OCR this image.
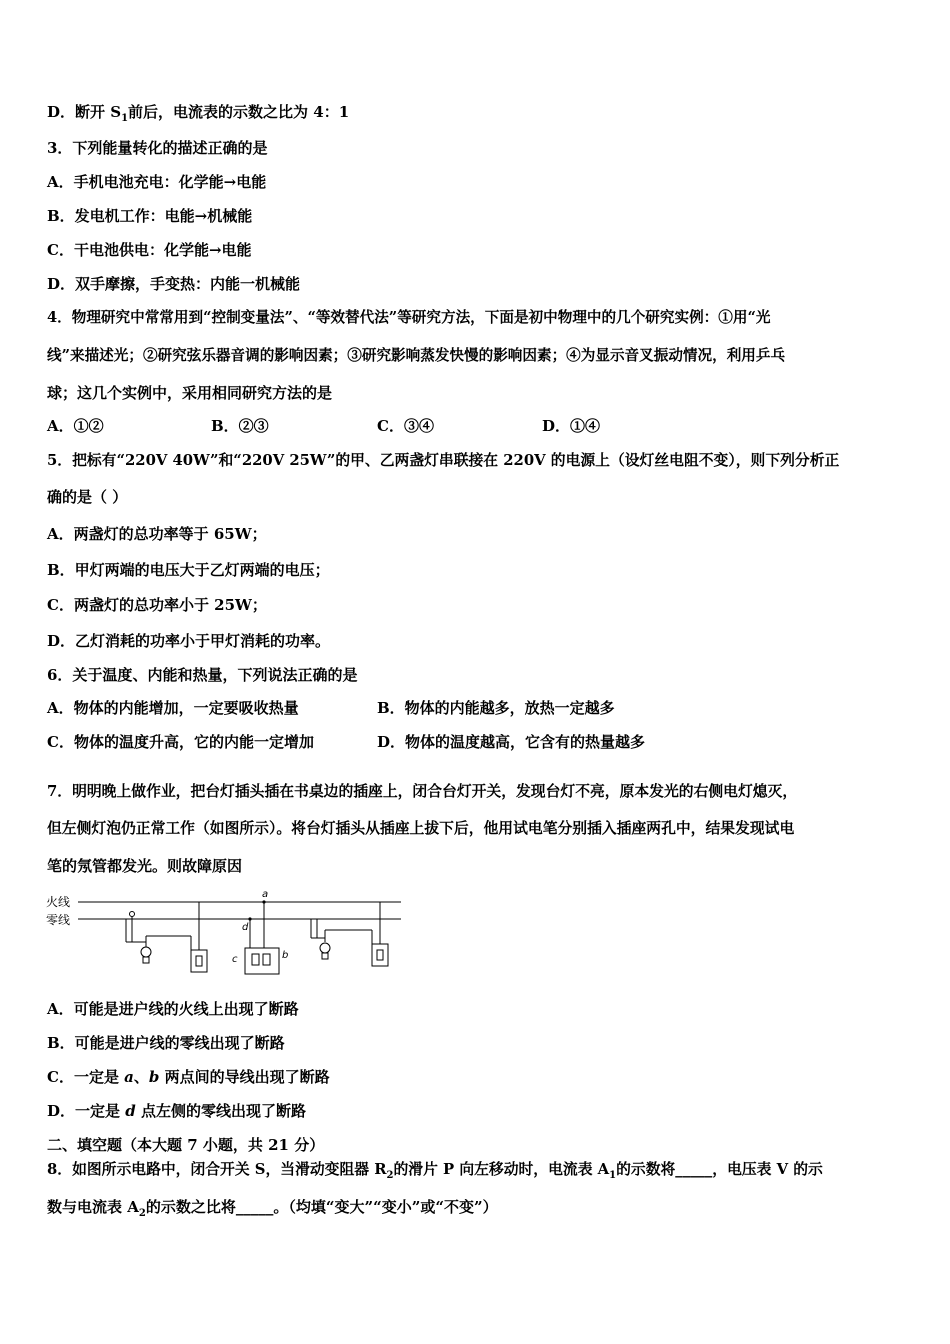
D．断开 $S_1$前后，电流表的示数之比为 4：1
3．下列能量转化的描述正确的是
A．手机电池充电：化学能→电能
B．发电机工作：电能→机械能
C．干电池供电：化学能→电能
D．双手摩擦，手变热：内能一机械能
4．物理研究中常常用到“控制变量法”、“等效替代法”等研究方法，下面是初中物理中的几个研究实例：①用“光
线”来描述光；②研究弦乐器音调的影响因素；③研究影响蒸发快慢的影响因素；④为显示音叉振动情况，利用乒乓
球；这几个实例中，采用相同研究方法的是
A．①②	B．②③	C．③④	D．①④
5．把标有“220V 40W”和“220V 25W”的甲、乙两盏灯串联接在 220V 的电源上（设灯丝电阻不变），则下列分析正
确的是（ ）
A．两盏灯的总功率等于 65W；
B．甲灯两端的电压大于乙灯两端的电压；
C．两盏灯的总功率小于 25W；
D．乙灯消耗的功率小于甲灯消耗的功率。
6．关于温度、内能和热量，下列说法正确的是
A．物体的内能增加，一定要吸收热量	B．物体的内能越多，放热一定越多
C．物体的温度升高，它的内能一定增加	D．物体的温度越高，它含有的热量越多
7．明明晚上做作业，把台灯插头插在书桌边的插座上，闭合台灯开关，发现台灯不亮，原本发光的右侧电灯熄灭，
但左侧灯泡仍正常工作（如图所示）。将台灯插头从插座上拔下后，他用试电笔分别插入插座两孔中，结果发现试电
笔的氖管都发光。则故障原因
火线
零线
a
d
c	b
A．可能是进户线的火线上出现了断路
B．可能是进户线的零线出现了断路
C．一定是 a、b 两点间的导线出现了断路
D．一定是 d 点左侧的零线出现了断路
二、填空题（本大题 7 小题，共 21 分）
8．如图所示电路中，闭合开关 S，当滑动变阻器 $R_2$的滑片 P 向左移动时，电流表 $A_1$的示数将_____，电压表 V 的示
数与电流表 $A_2$的示数之比将_____。（均填“变大”“变小”或“不变”）
